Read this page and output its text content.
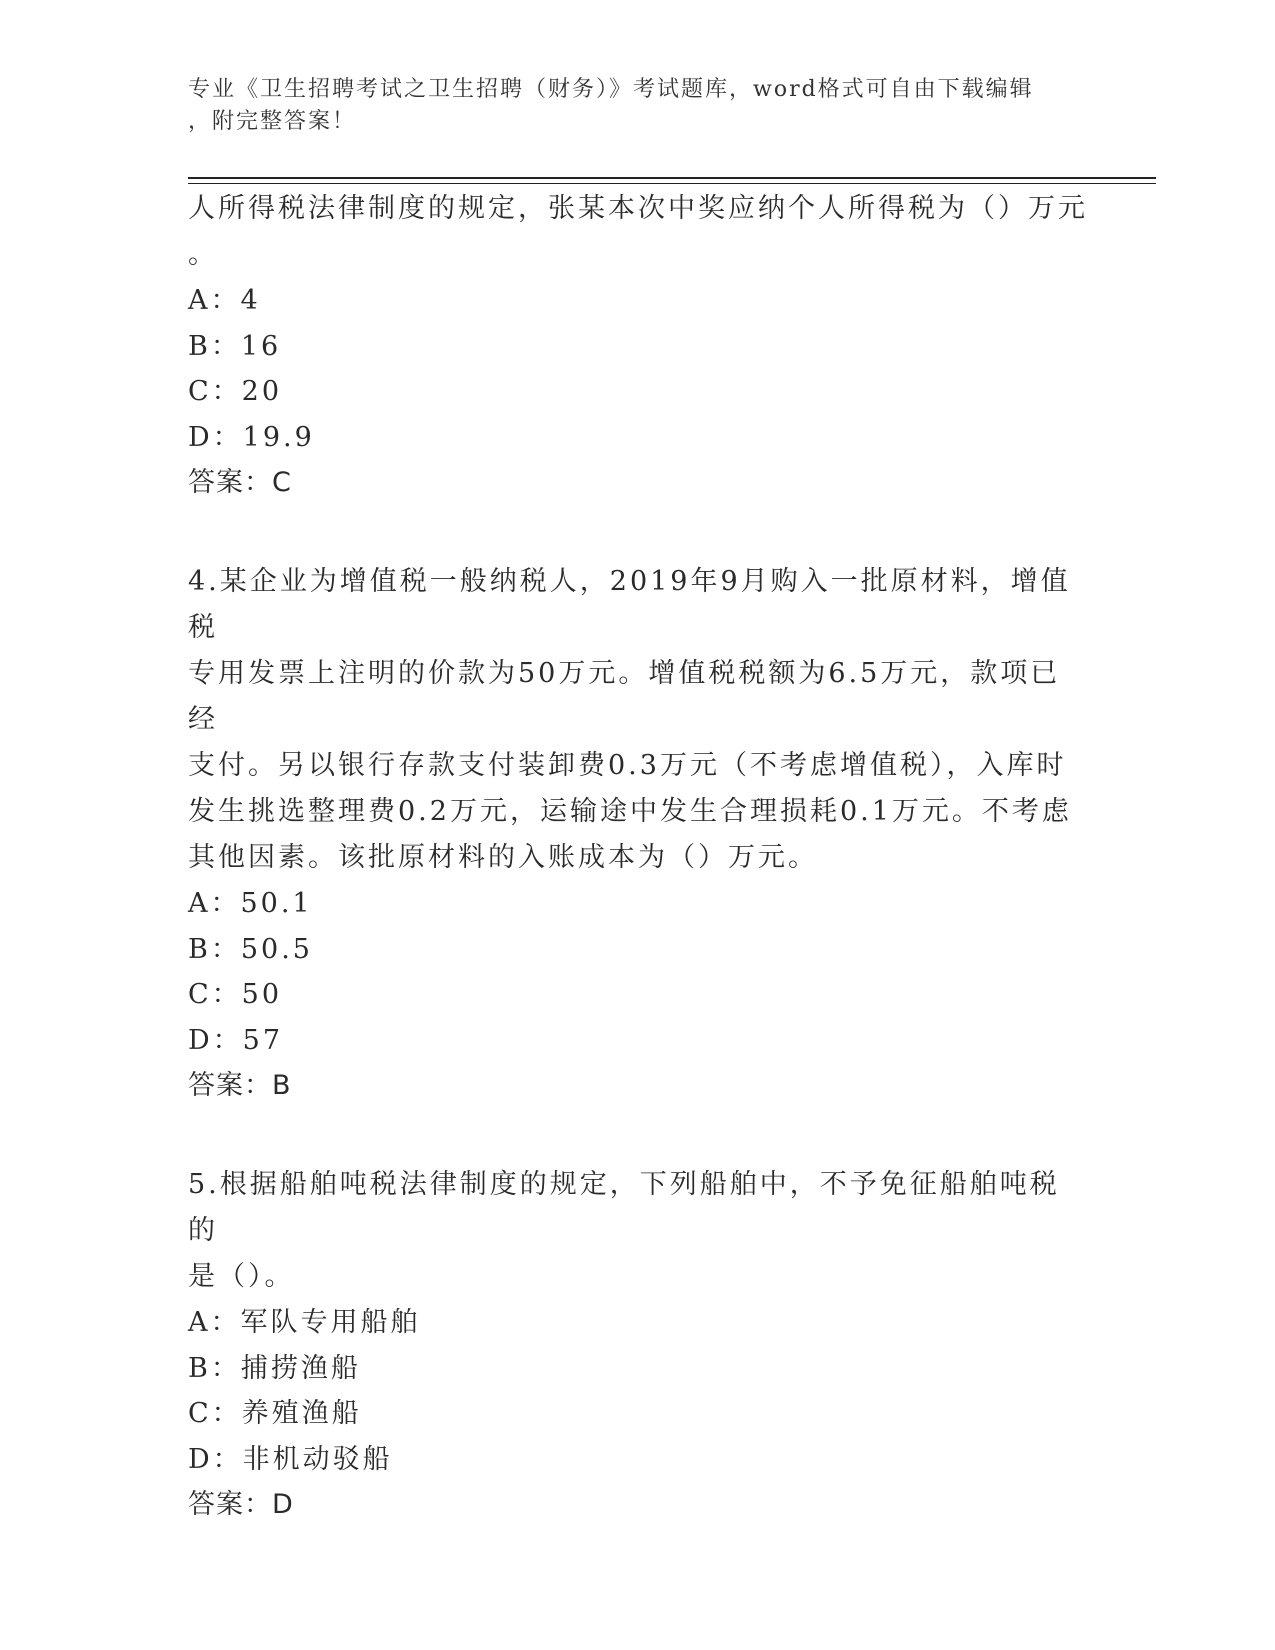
专业《卫生招聘考试之卫生招聘（财务）》考试题库，word格式可自由下载编辑
，附完整答案！
人所得税法律制度的规定，张某本次中奖应纳个人所得税为（）万元
。
A：4
B：16
C：20
D：19.9
答案：C
4.某企业为增值税一般纳税人，2019年9月购入一批原材料，增值税
专用发票上注明的价款为50万元。增值税税额为6.5万元，款项已经
支付。另以银行存款支付装卸费0.3万元（不考虑增值税），入库时
发生挑选整理费0.2万元，运输途中发生合理损耗0.1万元。不考虑
其他因素。该批原材料的入账成本为（）万元。
A：50.1
B：50.5
C：50
D：57
答案：B
5.根据船舶吨税法律制度的规定，下列船舶中，不予免征船舶吨税的
是（）。
A：军队专用船舶
B：捕捞渔船
C：养殖渔船
D：非机动驳船
答案：D
